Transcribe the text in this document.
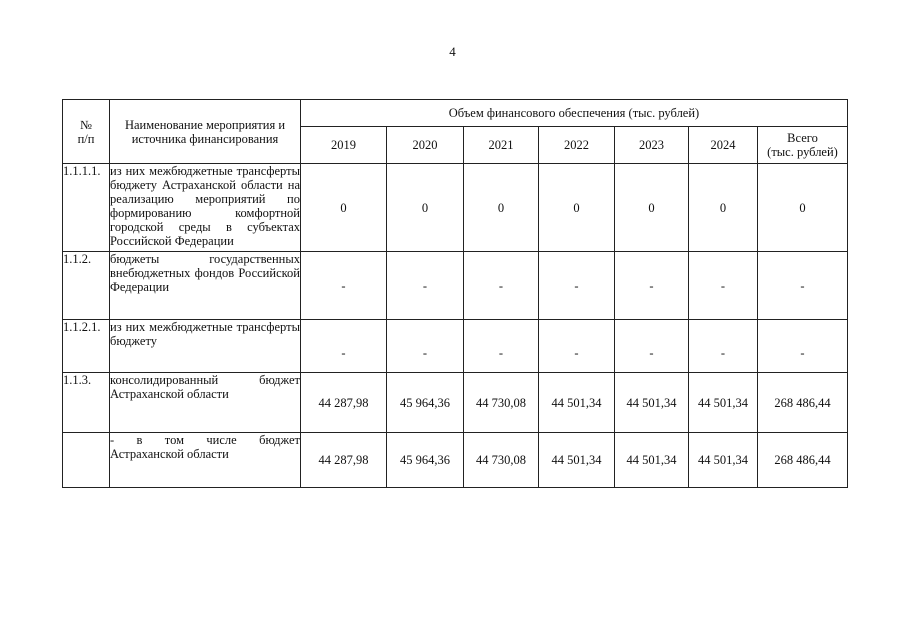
4
№
п/п	Наименование мероприятия и источника финансирования	Объем финансового обеспечения (тыс. рублей)						
		2019	2020	2021	2022	2023	2024	Всего
(тыс. рублей)
1.1.1.1.	из них межбюджетные трансферты бюджету Астраханской области на реализацию мероприятий по формированию комфортной городской среды в субъектах Российской Федерации	0	0	0	0	0	0	0
1.1.2.	бюджеты государственных внебюджетных фондов Российской Федерации	-	-	-	-	-	-	-
1.1.2.1.	из них межбюджетные трансферты бюджету	-	-	-	-	-	-	-
1.1.3.	консолидированный бюджет Астраханской области	44 287,98	45 964,36	44 730,08	44 501,34	44 501,34	44 501,34	268 486,44
	- в том числе бюджет Астраханской области	44 287,98	45 964,36	44 730,08	44 501,34	44 501,34	44 501,34	268 486,44
